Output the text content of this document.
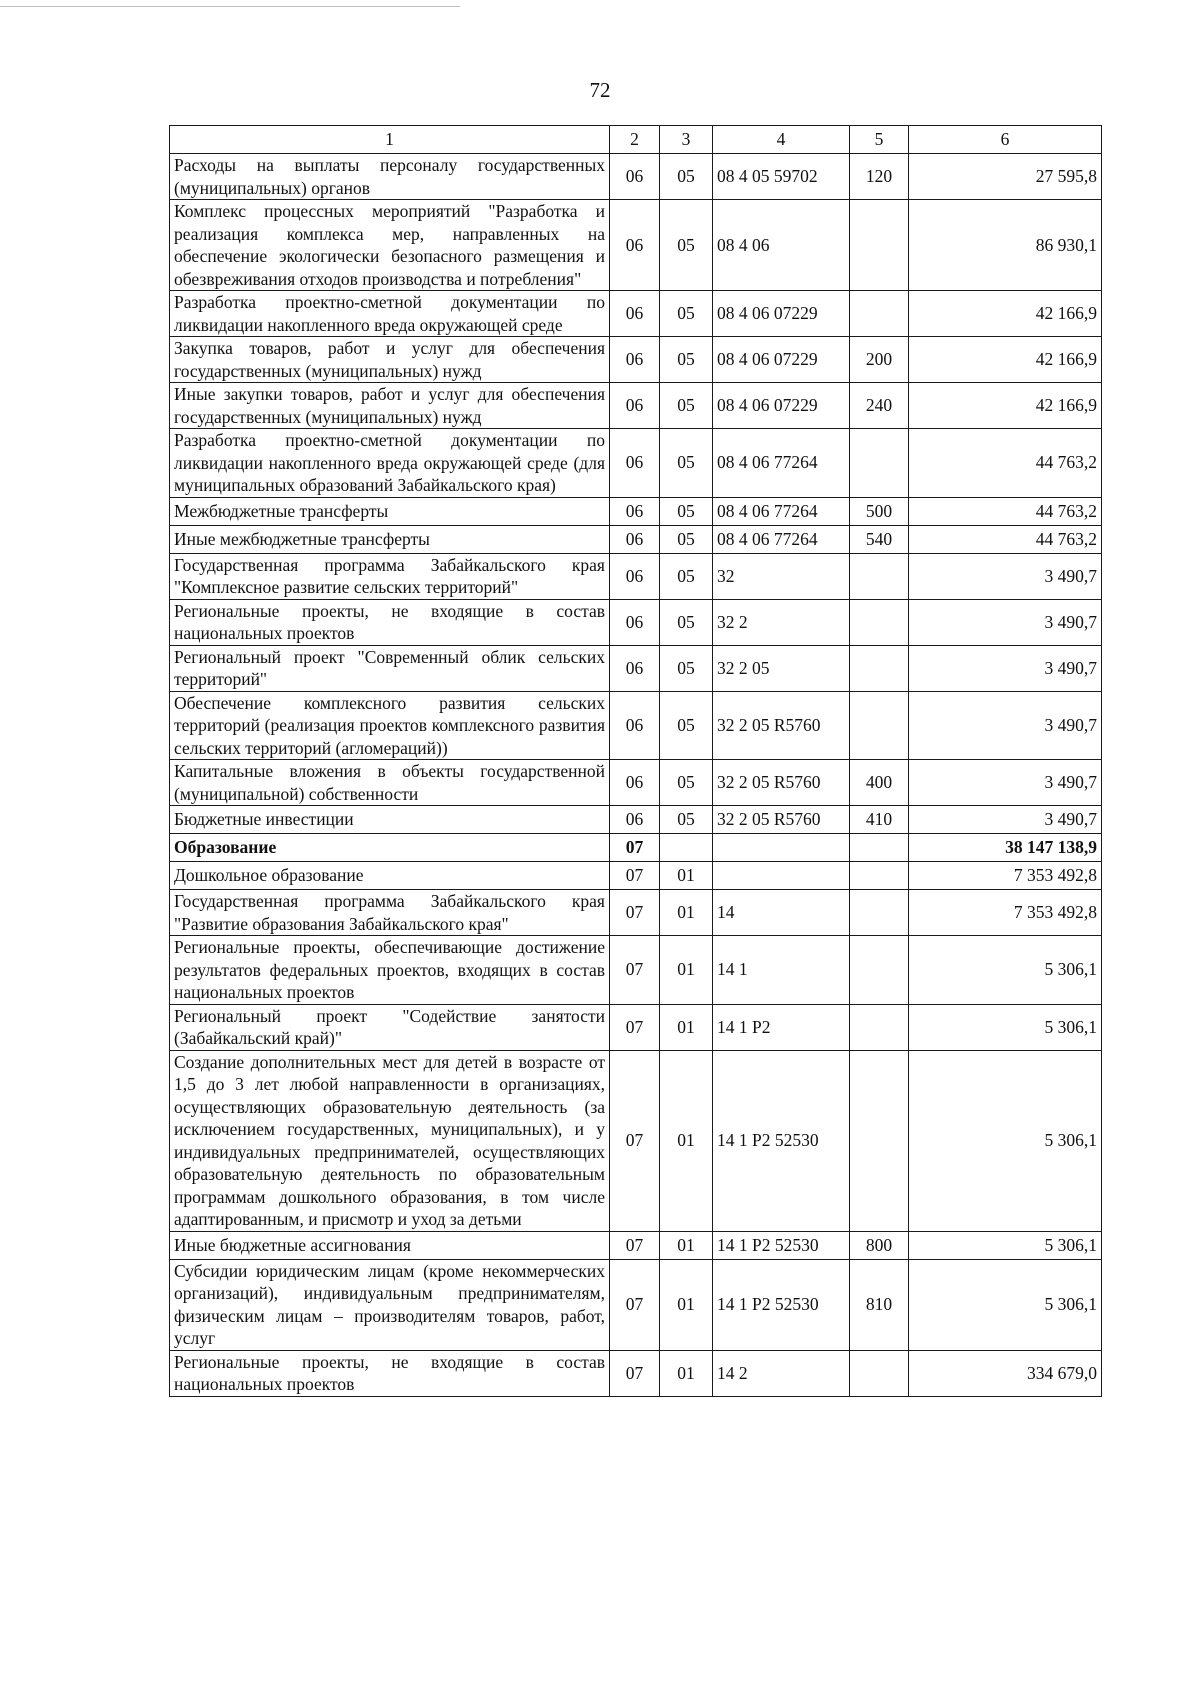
72
1	2	3	4	5	6
Расходы на выплаты персоналу государственных (муниципальных) органов	06	05	08 4 05 59702	120	27 595,8
Комплекс процессных мероприятий "Разработка и реализация комплекса мер, направленных на обеспечение экологически безопасного размещения и обезвреживания отходов производства и потребления"	06	05	08 4 06		86 930,1
Разработка проектно-сметной документации по ликвидации накопленного вреда окружающей среде	06	05	08 4 06 07229		42 166,9
Закупка товаров, работ и услуг для обеспечения государственных (муниципальных) нужд	06	05	08 4 06 07229	200	42 166,9
Иные закупки товаров, работ и услуг для обеспечения государственных (муниципальных) нужд	06	05	08 4 06 07229	240	42 166,9
Разработка проектно-сметной документации по ликвидации накопленного вреда окружающей среде (для муниципальных образований Забайкальского края)	06	05	08 4 06 77264		44 763,2
Межбюджетные трансферты	06	05	08 4 06 77264	500	44 763,2
Иные межбюджетные трансферты	06	05	08 4 06 77264	540	44 763,2
Государственная программа Забайкальского края "Комплексное развитие сельских территорий"	06	05	32		3 490,7
Региональные проекты, не входящие в состав национальных проектов	06	05	32 2		3 490,7
Региональный проект "Современный облик сельских территорий"	06	05	32 2 05		3 490,7
Обеспечение комплексного развития сельских территорий (реализация проектов комплексного развития сельских территорий (агломераций))	06	05	32 2 05 R5760		3 490,7
Капитальные вложения в объекты государственной (муниципальной) собственности	06	05	32 2 05 R5760	400	3 490,7
Бюджетные инвестиции	06	05	32 2 05 R5760	410	3 490,7
Образование	07				38 147 138,9
Дошкольное образование	07	01			7 353 492,8
Государственная программа Забайкальского края "Развитие образования Забайкальского края"	07	01	14		7 353 492,8
Региональные проекты, обеспечивающие достижение результатов федеральных проектов, входящих в состав национальных проектов	07	01	14 1		5 306,1
Региональный проект "Содействие занятости (Забайкальский край)"	07	01	14 1 P2		5 306,1
Создание дополнительных мест для детей в возрасте от 1,5 до 3 лет любой направленности в организациях, осуществляющих образовательную деятельность (за исключением государственных, муниципальных), и у индивидуальных предпринимателей, осуществляющих образовательную деятельность по образовательным программам дошкольного образования, в том числе адаптированным, и присмотр и уход за детьми	07	01	14 1 P2 52530		5 306,1
Иные бюджетные ассигнования	07	01	14 1 P2 52530	800	5 306,1
Субсидии юридическим лицам (кроме некоммерческих организаций), индивидуальным предпринимателям, физическим лицам – производителям товаров, работ, услуг	07	01	14 1 P2 52530	810	5 306,1
Региональные проекты, не входящие в состав национальных проектов	07	01	14 2		334 679,0
